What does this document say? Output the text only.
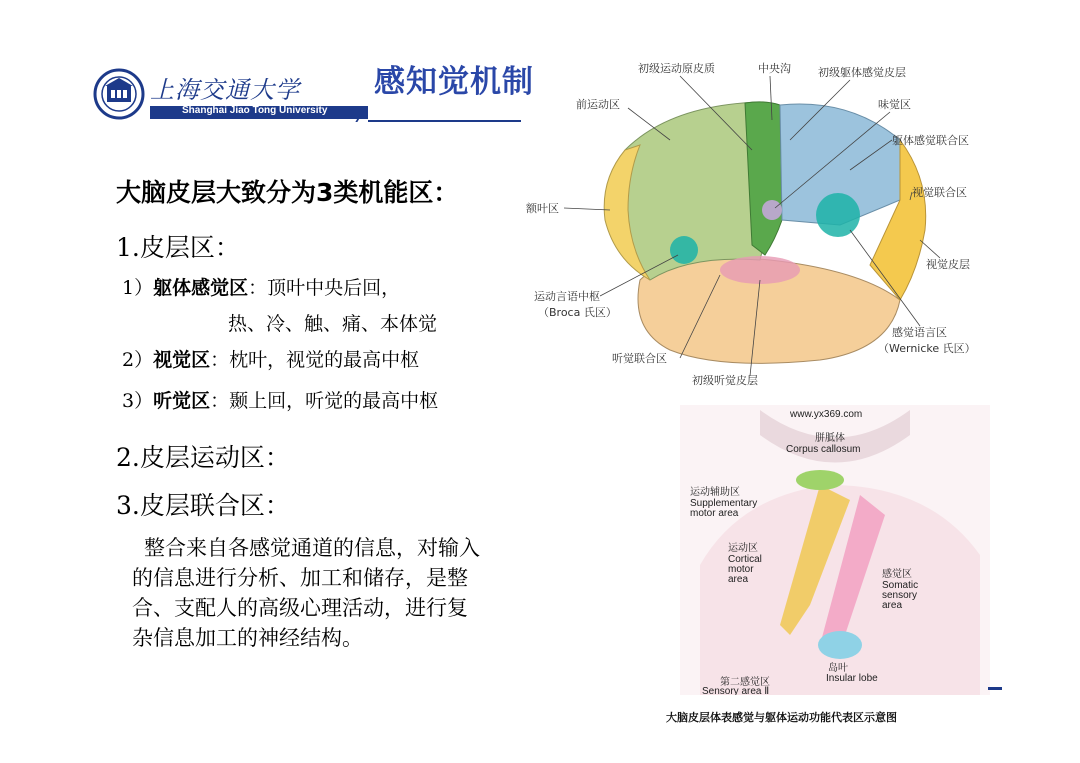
上海交通大学
Shanghai Jiao Tong University
感知觉机制
大脑皮层大致分为3类机能区：
1.皮层区：
1）躯体感觉区：顶叶中央后回，
热、冷、触、痛、本体觉
2）视觉区：枕叶，视觉的最高中枢
3）听觉区：颞上回，听觉的最高中枢
2.皮层运动区：
3.皮层联合区：
整合来自各感觉通道的信息，对输入
的信息进行分析、加工和储存，是整
合、支配人的高级心理活动，进行复
杂信息加工的神经结构。
初级运动原皮质	中央沟 初级躯体感觉皮层
前运动区	味觉区
躯体感觉联合区
额叶区
视觉联合区
视觉皮层
运动言语中枢
（Broca 氏区）
感觉语言区
（Wernicke 氏区）
听觉联合区
初级听觉皮层
www.yx369.com
胼胝体
Corpus callosum
运动辅助区
Supplementary
motor area
运动区
Cortical
motor
area	感觉区
Somatic
sensory
area
岛叶
Insular lobe
第二感觉区
Sensory area Ⅱ
大脑皮层体表感觉与躯体运动功能代表区示意图
